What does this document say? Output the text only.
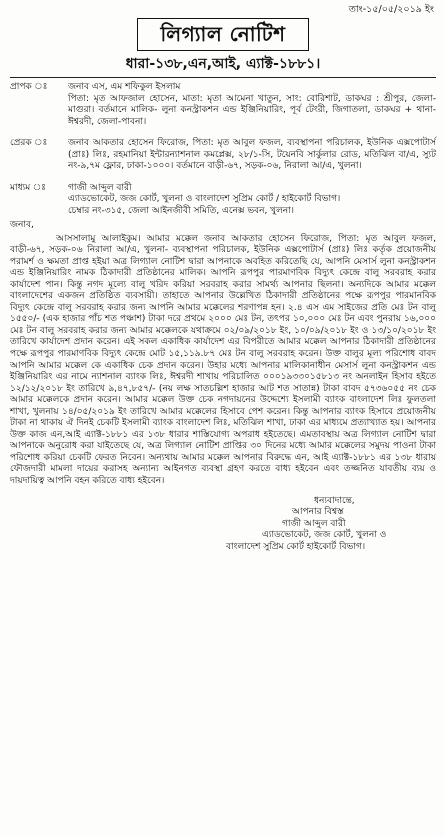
তাং-১৫/০৫/২০১৯ ইং
লিগ্যাল নোটিশ
ধারা-১৩৮,এন,আই, এ্যাক্ট-১৮৮১।
প্রাপক ঃ	জনাব এস, এম শফিকুল ইসলাম

পিতা: মৃত আফজাল হোসেন, মাতা: মৃতা আমেনা খাতুন, সাং: বোরিশাট, ডাকঘর : শ্রীপুর, জেলা-মাগুরা। বর্তমানে মালিক- লুনা কনস্ট্রাকশন এন্ড ইঞ্জিনিয়ারিং, পূর্ব টেংরী, জিগাতলা, ডাকঘর + থানা-ঈশ্বরদী, জেলা-পাবনা।

প্রেরক ঃ	জনাব আকতার হোসেন ফিরোজ, পিতা: মৃত আবুল ফজল, ব্যবস্থাপনা পরিচালক, ইউনিক এক্সপোটার্স (প্রাঃ) লিঃ, রহমানিয়া ইন্টারন্যাশনাল কমপ্লেক্স, ২৮/১-সি, টয়েনবি সার্কুলার রোড, মতিঝিল বা/এ, স্যুট নং-৯,৭ম ফ্লোর, ঢাকা-১০০০। বর্তমানে বাড়ী-৬৭, সড়ক-০৬, নিরালা আ/এ, খুলনা।
মাধ্যম ঃ	গাজী আব্দুল বারী

এ্যাডভোকেট, জজ কোর্ট, খুলনা ও বাংলাদেশ সুপ্রিম কোর্ট / হাইকোর্ট বিভাগ।

চেম্বার নং-৩১৫, জেলা আইনজীবী সমিতি, এনেক্স ভবন, খুলনা।

জনাব,
আসসালামু আলাইকুম। আমার মক্কেল জনাব আকতার হোসেন ফিরোজ, পিতা: মৃত আবুল ফজল, বাড়ী-৬৭, সড়ক-০৬ নিরালা আ/এ, খুলনা- ব্যবস্থাপনা পরিচালক, ইউনিক এক্সপোটার্স (প্রাঃ) লিঃ কর্তৃক প্রয়োজনীয় পরামর্শ ও ক্ষমতা প্রাপ্ত হইয়া অত্র লিগ্যাল নোটিশ দ্বারা আপনাকে অবহিত করিতেছি যে, আপনি মেসার্স লুনা কনস্ট্রাকশন এন্ড ইঞ্জিনিয়ারিং নামক ঠিকাদারী প্রতিষ্ঠানের মালিক। আপনি রূপপুর পারমাণবিক বিদ্যুৎ কেন্দ্রে বালু সরবরাহ করার কার্যাদেশ পান। কিন্তু নগদ মূল্যে বালু খরিদ করিয়া সরবরাহ করার সামর্থ্য আপনার ছিলনা। অন্যদিকে আমার মক্কেল বাংলাদেশের একজন প্রতিষ্ঠিত ব্যবসায়ী। তাহাতে আপনার উল্লেখিত ঠিকাদারী প্রতিষ্ঠানের পক্ষে রূপপুর পারমানবিক বিদ্যুৎ কেন্দ্রে বালু সরবরাহ করার জন্য আপনি আমার মক্কেলের শরণাপন্ন হন। ২.৪ এস এম সাইজের প্রতি মেঃ টন বালু ১৫৫০/- (এক হাজার পাঁচ শত পঞ্চাশ) টাকা দরে প্রথমে ২০০০ মেঃ টন, তৎপর ১০,০০০ মেঃ টন এবং পুনরায় ১৬,০০০ মেঃ টন বালু সরবরাহ করার জন্য আমার মক্কেলকে যথাক্রমে ০২/০৯/২০১৮ ইং, ১০/০৯/২০১৮ ইং ও ১৩/১০/২০১৮ ইং তারিখে কার্যাদেশ প্রদান করেন। এই সকল একাধিক কার্যাদেশ এর বিপরীতে আমার মক্কেল আপনার ঠিকাদারী প্রতিষ্ঠানের পক্ষে রূপপুর পারমাণবিক বিদ্যুৎ কেন্দ্রে মোট ১৫,১১৯.৮৭ মেঃ টন বালু সরবরাহ করেন। উক্ত বালুর মূল্য পরিশোধ বাবদ আপনি আমার মক্কেল কে একাধিক চেক প্রদান করেন। উহার মধ্যে আপনার মালিকানাধীন মেসার্স লুনা কনস্ট্রাকশন এন্ড ইঞ্জিনিয়ারিং এর নামে ন্যাশনাল ব্যাংক লিঃ, ঈশ্বরদী শাখায় পরিচালিত ০০০১৯৩৩০১৫৮১৩ নং অনলাইন হিসাব হইতে ১২/১২/২০১৮ ইং তারিখে ৯,৪৭,৮৫৭/- (নয় লক্ষ সাতচল্লিশ হাজার আট শত সাতান্ন) টাকা বাবদ ৫৭৩৬০৫৫ নং চেক আমার মক্কেলকে প্রদান করেন। আমার মক্কেল উক্ত চেক নগদায়নের উদ্দেশ্যে ইসলামী ব্যাংক বাংলাদেশ লিঃ ফুলতলা শাখা, খুলনায় ১৪/০৫/২০১৯ ইং তারিখে আমার মক্কেলের হিসাবে পেশ করেন। কিন্তু আপনার ব্যাংক হিসাবে প্রয়োজনীয় টাকা না থাকায় ঐ দিনই চেকটি ইসলামী ব্যাংক বাংলাদেশ লিঃ, মতিঝিল শাখা, ঢাকা এর মাধ্যমে প্রত্যাখ্যাত হয়। আপনার উক্ত কাজ এন,আই এ্যাক্ট-১৮৮১ এর ১৩৮ ধারার শাস্তিযোগ্য অপরাধ হইতেছে। এমতাবস্থায় অত্র লিগ্যাল নোটিশ দ্বারা আপনাকে অনুরোধ করা যাইতেছে যে, অত্র লিগ্যাল নোটিশ প্রাপ্তির ৩০ দিনের মধ্যে আমার মক্কেলের সমুদয় পাওনা টাকা পরিশোধ করিয়া চেকটি ফেরত নিবেন। অন্যথায় আমার মক্কেল আপনার বিরুদ্ধে এন, আই এ্যাক্ট-১৮৮১ এর ১৩৮ ধারায় ফৌজদারী মামলা দায়ের করাসহ অন্যান্য আইনগত ব্যবস্থা গ্রহণ করতে বাধ্য হইবেন এবং তজ্জনিত যাবতীয় ব্যয় ও দায়দায়িত্ব আপনি বহন করিতে বাধ্য হইবেন।

ধন্যবাদান্তে,

আপনার বিশ্বস্ত

গাজী আব্দুল বারী

এ্যাডভোকেট, জজ কোর্ট, খুলনা ও

বাংলাদেশ সুপ্রিম কোর্ট হাইকোর্ট বিভাগ।
